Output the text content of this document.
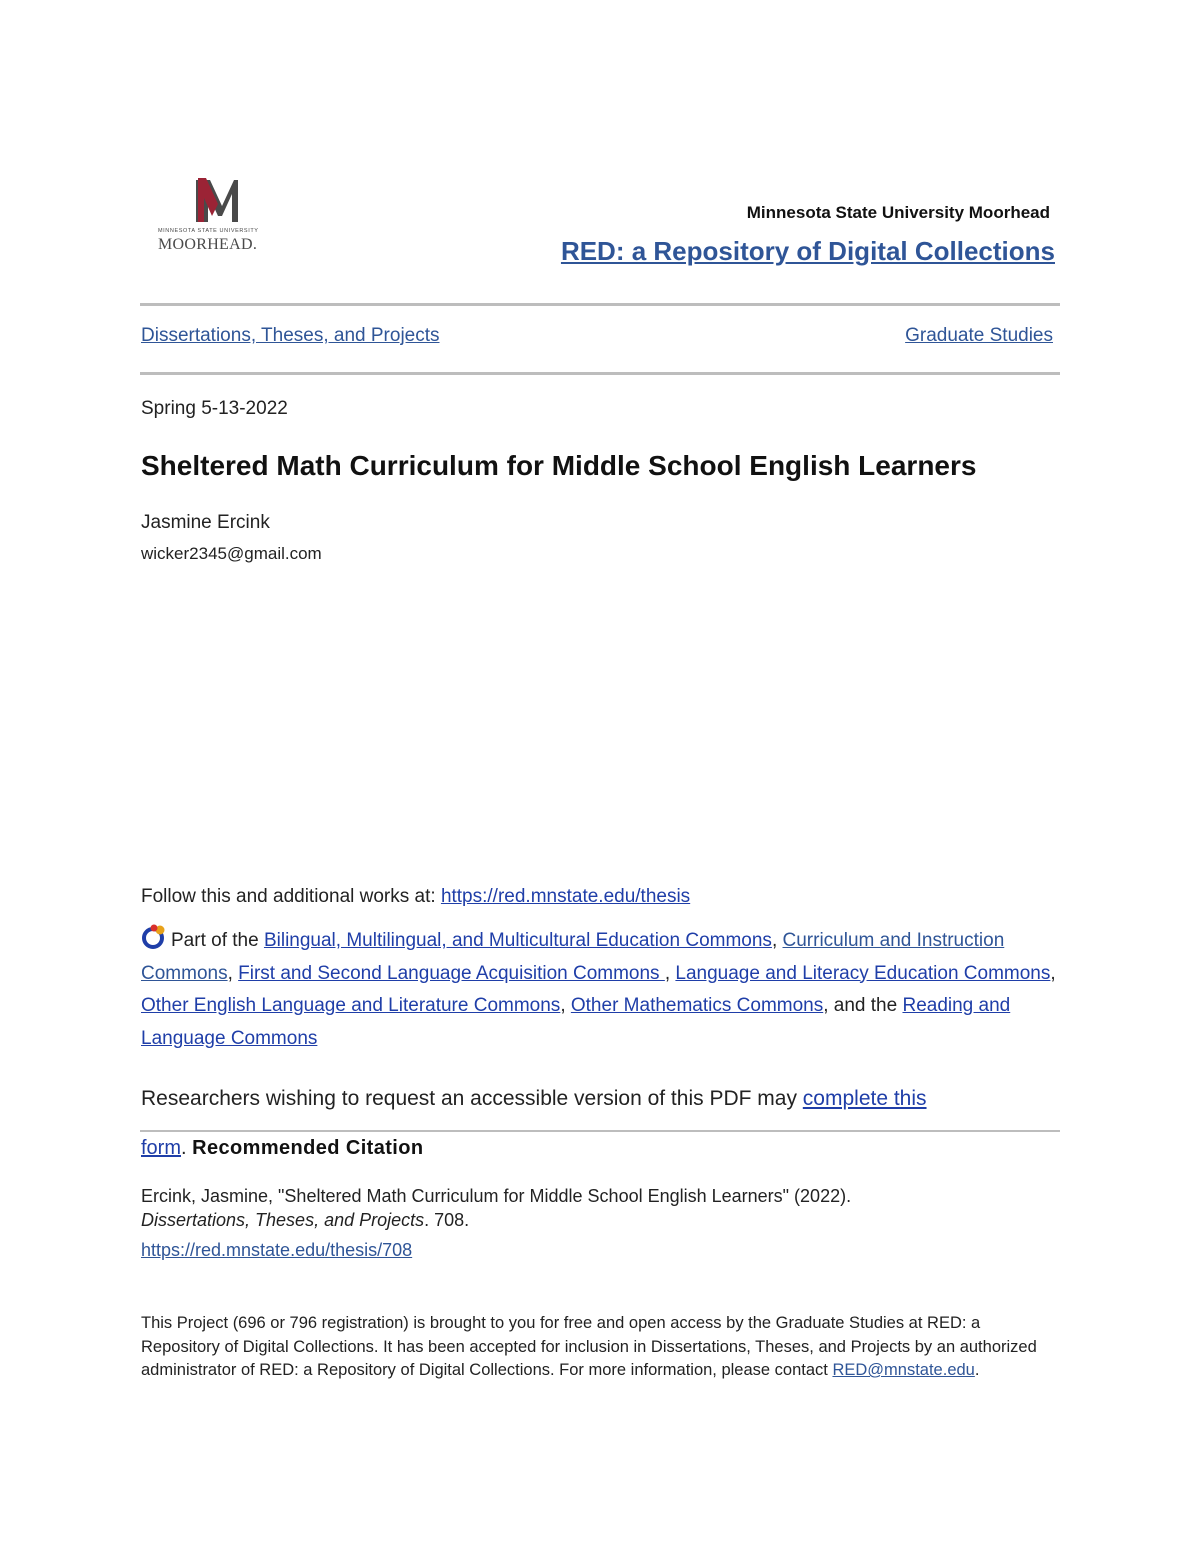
MINNESOTA STATE UNIVERSITY
MOORHEAD.
Minnesota State University Moorhead
RED: a Repository of Digital Collections
Dissertations, Theses, and Projects	Graduate Studies
Spring 5-13-2022
Sheltered Math Curriculum for Middle School English Learners
Jasmine Ercink
wicker2345@gmail.com
Follow this and additional works at: https://red.mnstate.edu/thesis
Part of the Bilingual, Multilingual, and Multicultural Education Commons, Curriculum and Instruction Commons, First and Second Language Acquisition Commons , Language and Literacy Education Commons, Other English Language and Literature Commons, Other Mathematics Commons, and the Reading and Language Commons
Researchers wishing to request an accessible version of this PDF may complete this
form. Recommended Citation
Ercink, Jasmine, "Sheltered Math Curriculum for Middle School English Learners" (2022).
Dissertations, Theses, and Projects. 708.
https://red.mnstate.edu/thesis/708
This Project (696 or 796 registration) is brought to you for free and open access by the Graduate Studies at RED: a Repository of Digital Collections. It has been accepted for inclusion in Dissertations, Theses, and Projects by an authorized administrator of RED: a Repository of Digital Collections. For more information, please contact RED@mnstate.edu.
